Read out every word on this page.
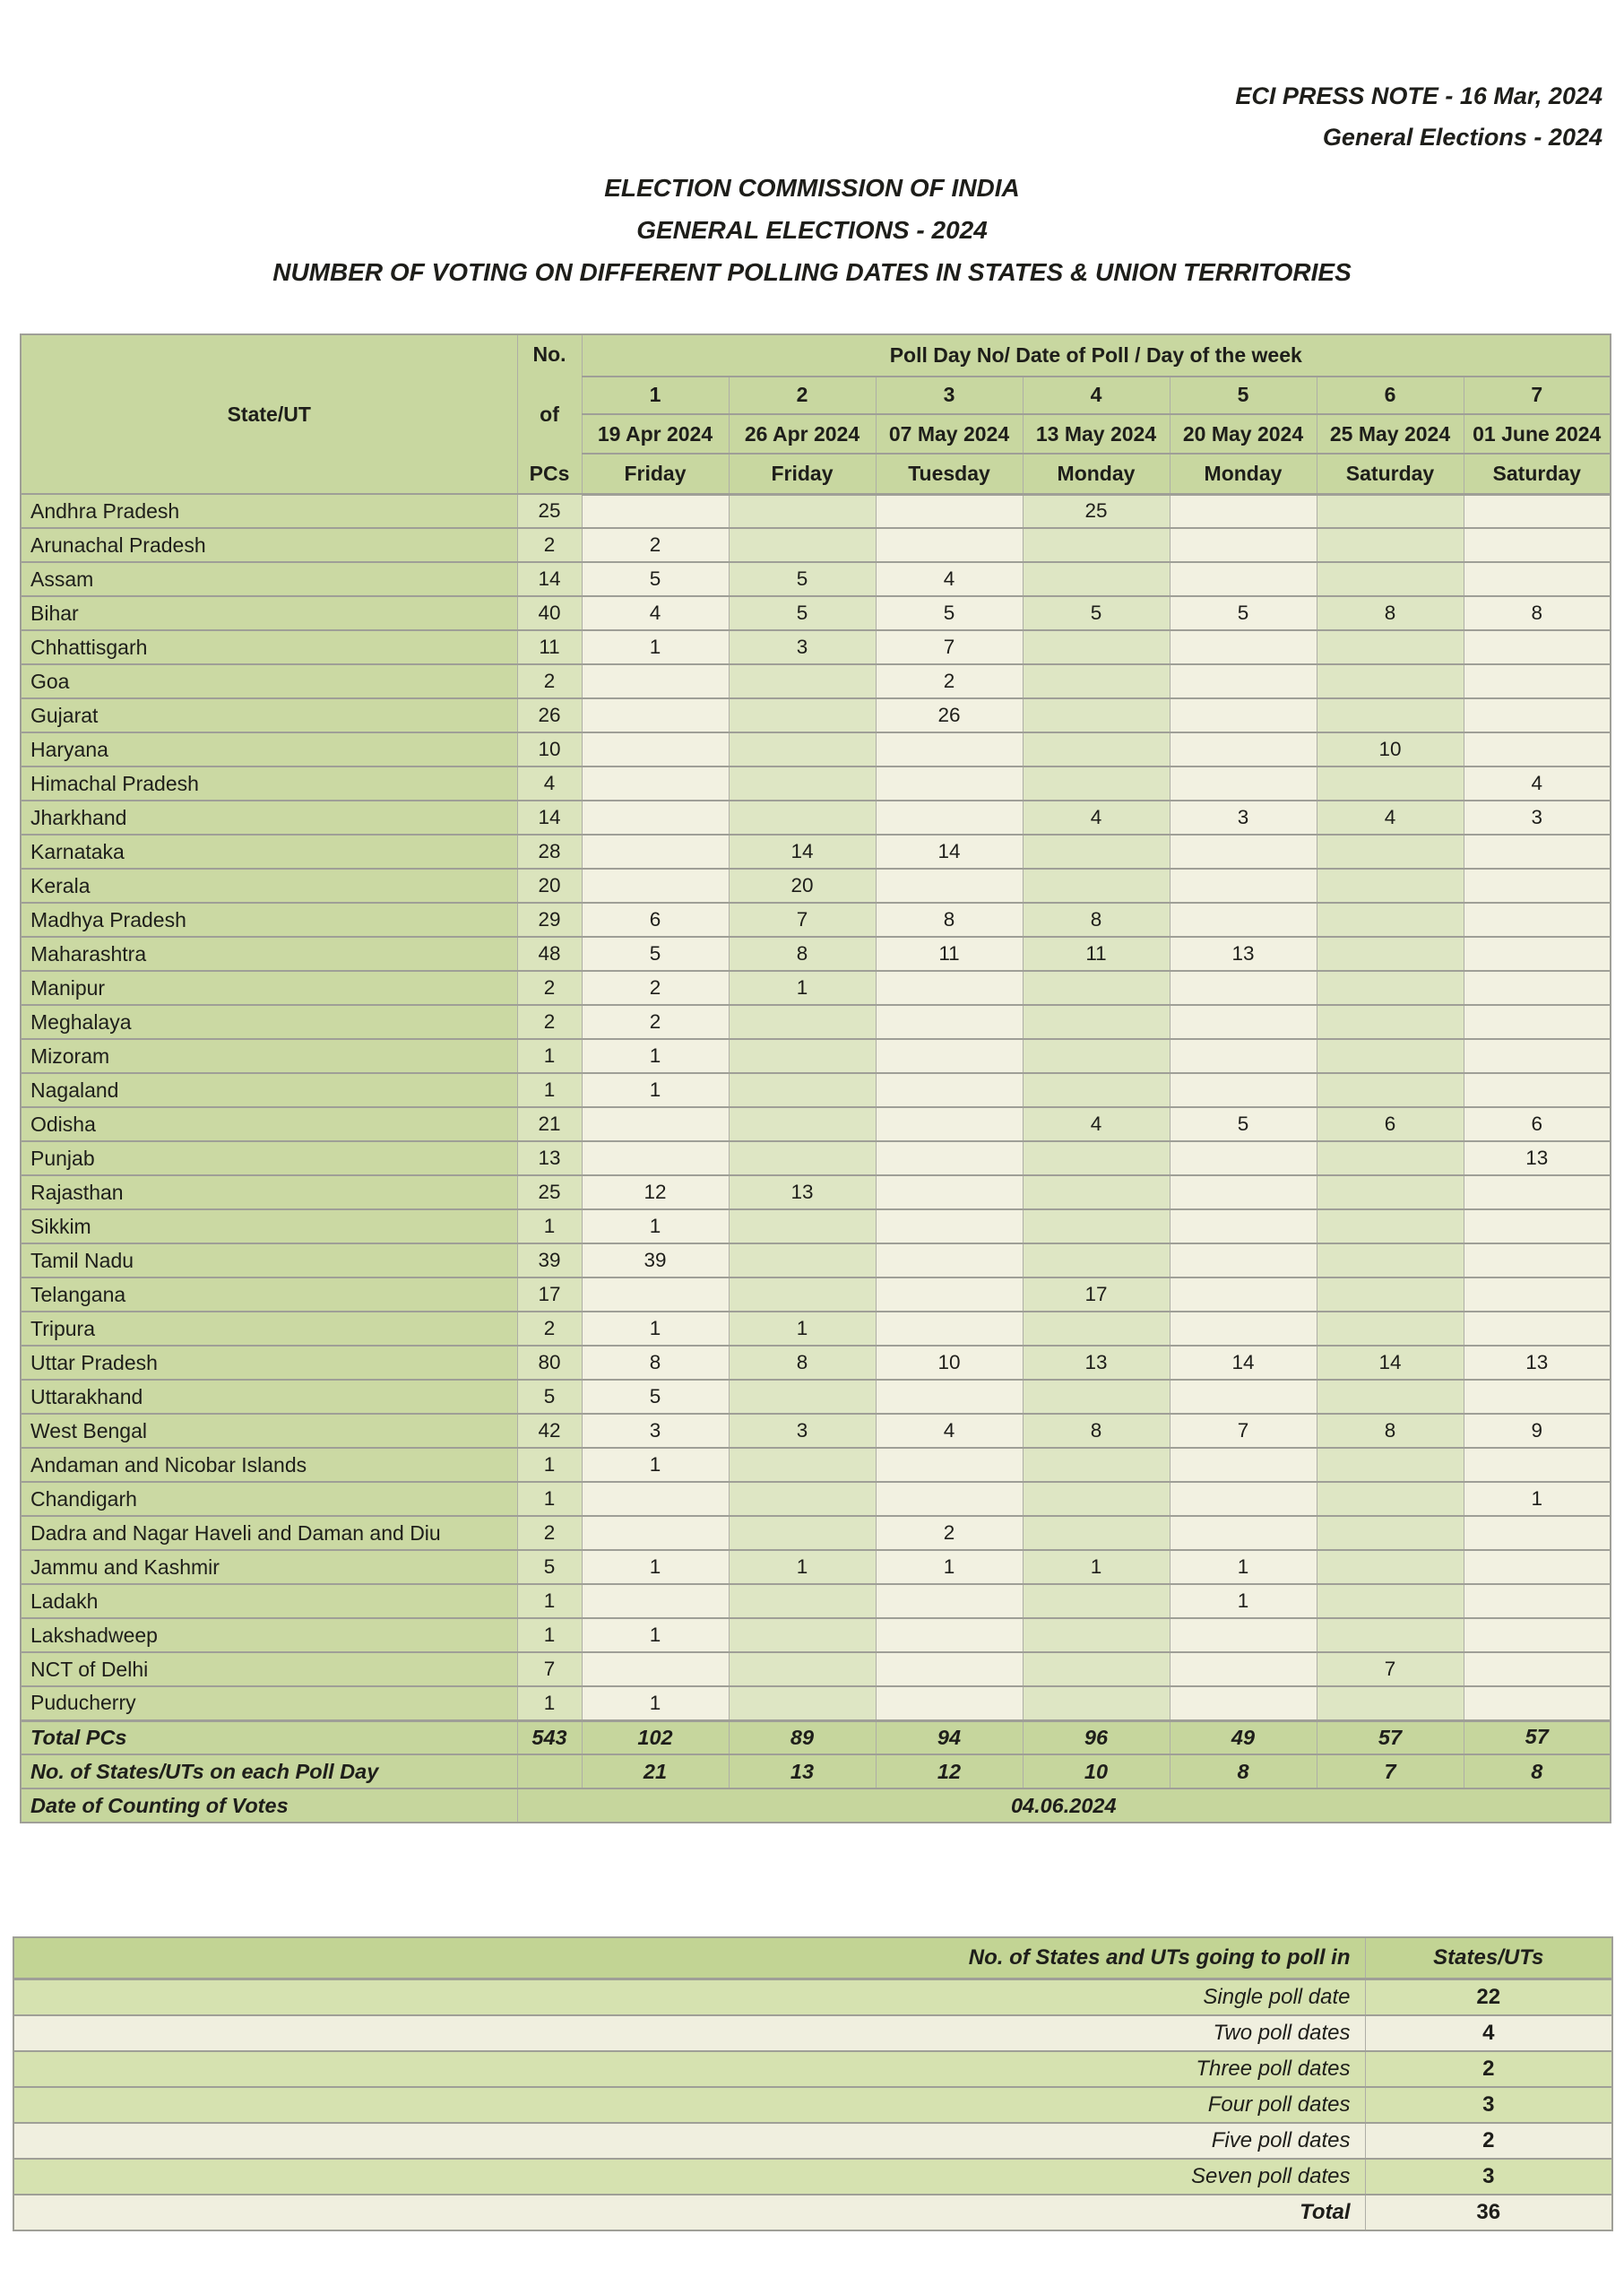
ECI PRESS NOTE - 16 Mar, 2024
General Elections - 2024
ELECTION COMMISSION OF INDIA
GENERAL ELECTIONS - 2024
NUMBER OF VOTING ON DIFFERENT POLLING DATES IN STATES & UNION TERRITORIES
State/UT	No.
of
PCs	Poll Day No/ Date of Poll / Day of the week						
		1	2	3	4	5	6	7
		19 Apr 2024	26 Apr 2024	07 May 2024	13 May 2024	20 May 2024	25 May 2024	01 June 2024
		Friday	Friday	Tuesday	Monday	Monday	Saturday	Saturday
Andhra Pradesh	25				25			
Arunachal Pradesh	2	2						
Assam	14	5	5	4				
Bihar	40	4	5	5	5	5	8	8
Chhattisgarh	11	1	3	7				
Goa	2			2				
Gujarat	26			26				
Haryana	10						10	
Himachal Pradesh	4							4
Jharkhand	14				4	3	4	3
Karnataka	28		14	14				
Kerala	20		20					
Madhya Pradesh	29	6	7	8	8			
Maharashtra	48	5	8	11	11	13		
Manipur	2	2	1					
Meghalaya	2	2						
Mizoram	1	1						
Nagaland	1	1						
Odisha	21				4	5	6	6
Punjab	13							13
Rajasthan	25	12	13					
Sikkim	1	1						
Tamil Nadu	39	39						
Telangana	17				17			
Tripura	2	1	1					
Uttar Pradesh	80	8	8	10	13	14	14	13
Uttarakhand	5	5						
West Bengal	42	3	3	4	8	7	8	9
Andaman and Nicobar Islands	1	1						
Chandigarh	1							1
Dadra and Nagar Haveli and Daman and Diu	2			2				
Jammu and Kashmir	5	1	1	1	1	1		
Ladakh	1					1		
Lakshadweep	1	1						
NCT of Delhi	7						7	
Puducherry	1	1						
Total PCs	543	102	89	94	96	49	57	57
No. of States/UTs on each Poll Day		21	13	12	10	8	7	8
Date of Counting of Votes	04.06.2024							
No. of States and UTs going to poll in	States/UTs
Single poll date	22
Two poll dates	4
Three poll dates	2
Four poll dates	3
Five poll dates	2
Seven poll dates	3
Total	36
